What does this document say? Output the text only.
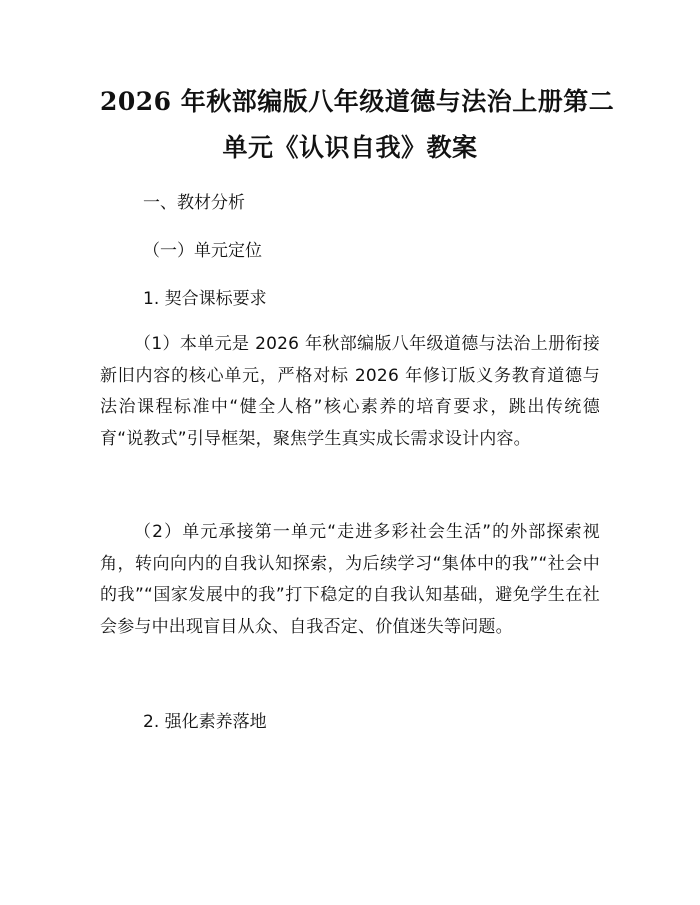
2026 年秋部编版八年级道德与法治上册第二
单元《认识自我》教案
一、教材分析
（一）单元定位
1. 契合课标要求
（1）本单元是 2026 年秋部编版八年级道德与法治上册衔接新旧内容的核心单元，严格对标 2026 年修订版义务教育道德与法治课程标准中“健全人格”核心素养的培育要求，跳出传统德育“说教式”引导框架，聚焦学生真实成长需求设计内容。
（2）单元承接第一单元“走进多彩社会生活”的外部探索视角，转向向内的自我认知探索，为后续学习“集体中的我”“社会中的我”“国家发展中的我”打下稳定的自我认知基础，避免学生在社会参与中出现盲目从众、自我否定、价值迷失等问题。
2. 强化素养落地
